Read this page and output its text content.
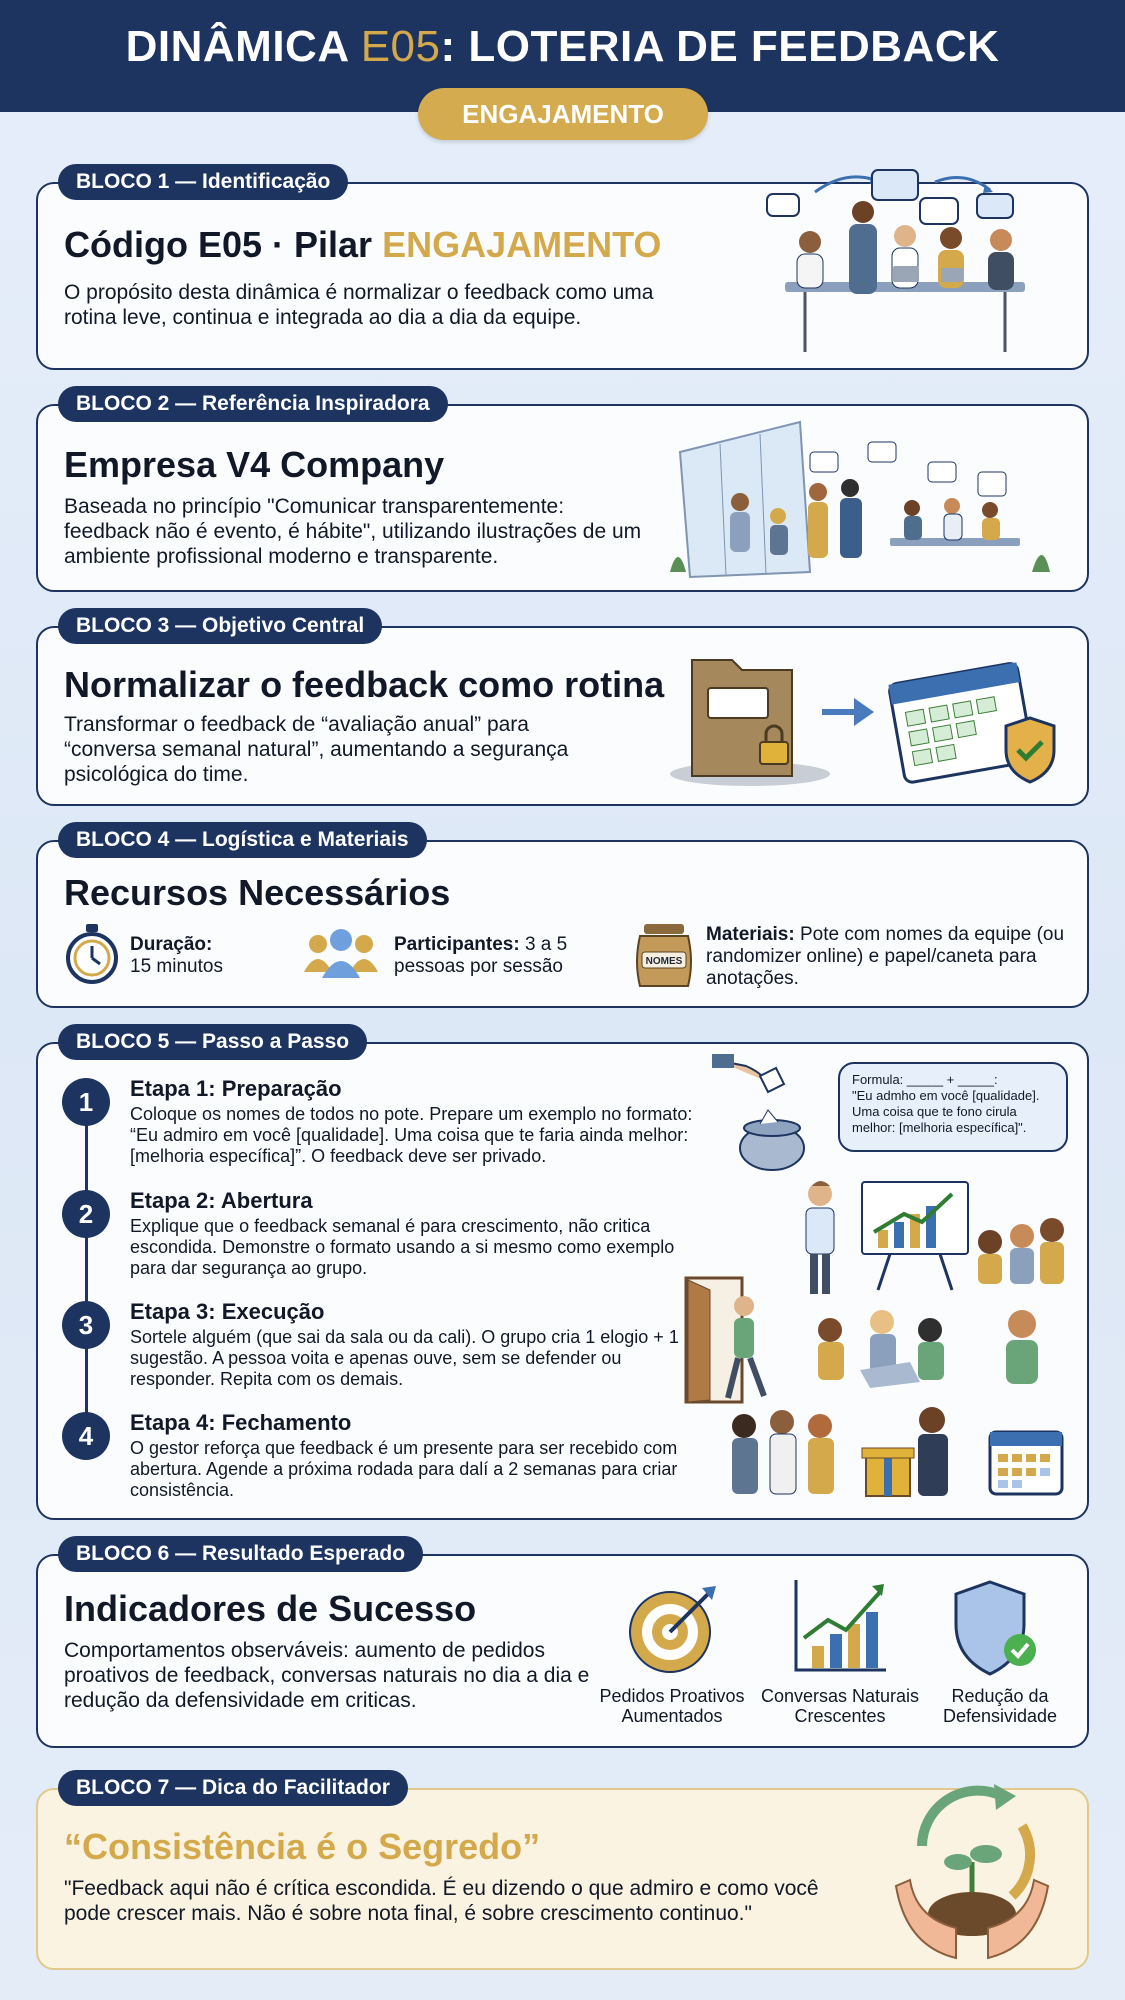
DINÂMICA E05: LOTERIA DE FEEDBACK
ENGAJAMENTO
BLOCO 1 — Identificação
Código E05 · Pilar ENGAJAMENTO
O propósito desta dinâmica é normalizar o feedback como uma rotina leve, continua e integrada ao dia a dia da equipe.
BLOCO 2 — Referência Inspiradora
Empresa V4 Company
Baseada no princípio "Comunicar transparentemente: feedback não é evento, é hábite", utilizando ilustrações de um ambiente profissional moderno e transparente.
BLOCO 3 — Objetivo Central
Normalizar o feedback como rotina
Transformar o feedback de “avaliação anual” para “conversa semanal natural”, aumentando a segurança psicológica do time.
BLOCO 4 — Logística e Materiais
Recursos Necessários
Duração:
15 minutos
Participantes: 3 a 5 pessoas por sessão	NOMES
Materiais: Pote com nomes da equipe (ou randomizer online) e papel/caneta para anotações.
BLOCO 5 — Passo a Passo
1	Etapa 1: Preparação
Coloque os nomes de todos no pote. Prepare um exemplo no formato: “Eu admiro em você [qualidade]. Uma coisa que te faria ainda melhor: [melhoria específica]”. O feedback deve ser privado.
2	Etapa 2: Abertura
Explique que o feedback semanal é para crescimento, não critica escondida. Demonstre o formato usando a si mesmo como exemplo para dar segurança ao grupo.
3	Etapa 3: Execução
Sortele alguém (que sai da sala ou da cali). O grupo cria 1 elogio + 1 sugestão. A pessoa voita e apenas ouve, sem se defender ou responder. Repita com os demais.
4	Etapa 4: Fechamento
O gestor reforça que feedback é um presente para ser recebido com abertura. Agende a próxima rodada para dalí a 2 semanas para criar consistência.
Formula: _____ + _____:
"Eu admho em você [qualidade]. Uma coisa que te fono cirula melhor: [melhoria específica]".
BLOCO 6 — Resultado Esperado
Indicadores de Sucesso
Comportamentos observáveis: aumento de pedidos proativos de feedback, conversas naturais no dia a dia e redução da defensividade em criticas.	Pedidos Proativos
Aumentados
Conversas Naturais
Crescentes
Redução da
Defensividade
BLOCO 7 — Dica do Facilitador
“Consistência é o Segredo”
"Feedback aqui não é crítica escondida. É eu dizendo o que admiro e como você pode crescer mais. Não é sobre nota final, é sobre crescimento continuo."
